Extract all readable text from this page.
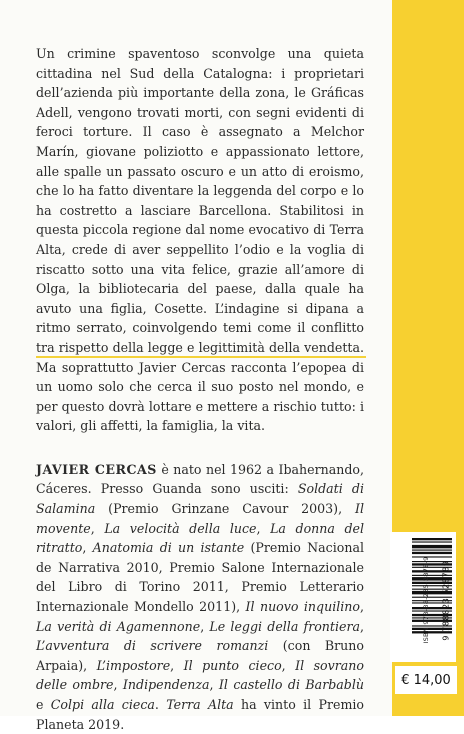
Un crimine spaventoso sconvolge una quieta cittadina nel Sud della Catalogna: i proprietari dell’azienda più importante della zona, le Gráficas Adell, vengono trovati morti, con segni evidenti di feroci torture. Il caso è assegnato a Melchor Marín, giovane poliziotto e appassionato lettore, alle spalle un passato oscuro e un atto di eroismo, che lo ha fatto diventare la leggenda del corpo e lo ha costretto a lasciare Barcellona. Stabilitosi in questa piccola regione dal nome evocativo di Terra Alta, crede di aver seppellito l’odio e la voglia di riscatto sotto una vita felice, grazie all’amore di Olga, la bibliotecaria del paese, dalla quale ha avuto una figlia, Cosette. L’indagine si dipana a ritmo serrato, coinvolgendo temi come il conflitto tra rispetto della legge e legittimità della vendetta. Ma soprattutto Javier Cercas racconta l’epopea di un uomo solo che cerca il suo posto nel mondo, e per questo dovrà lottare e mettere a rischio tutto: i valori, gli affetti, la famiglia, la vita.

JAVIER CERCAS è nato nel 1962 a Ibahernando, Cáceres. Presso Guanda sono usciti: Soldati di Salamina (Premio Grinzane Cavour 2003), Il movente, La velocità della luce, La donna del ritratto, Anatomia di un istante (Premio Nacional de Narrativa 2010, Premio Salone Internazionale del Libro di Torino 2011, Premio Letterario Internazionale Mondello 2011), Il nuovo inquilino, La verità di Agamennone, Le leggi della frontiera, L’avventura di scrivere romanzi (con Bruno Arpaia), L’impostore, Il punto cieco, Il sovrano delle ombre, Indipendenza, Il castello di Barbablù e Colpi alla cieca. Terra Alta ha vinto il Premio Planeta 2019.

ISBN 978-88-235-2878-9 9 788823 528789
€ 14,00
